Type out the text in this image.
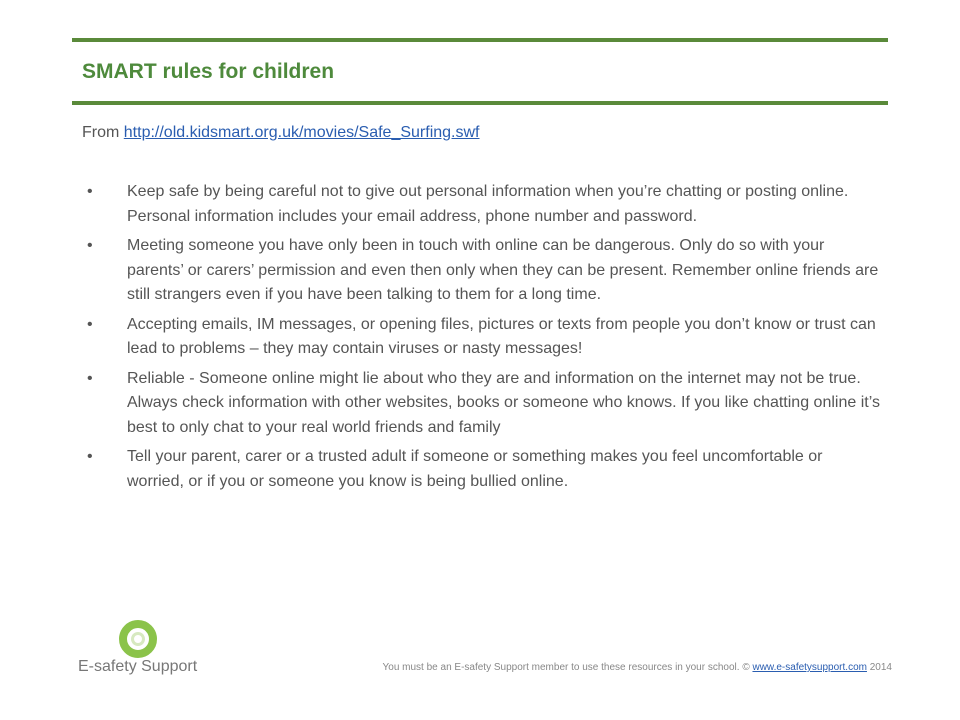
SMART rules for children
From http://old.kidsmart.org.uk/movies/Safe_Surfing.swf
• Keep safe by being careful not to give out personal information when you’re chatting or posting online. Personal information includes your email address, phone number and password.
• Meeting someone you have only been in touch with online can be dangerous. Only do so with your parents’ or carers’ permission and even then only when they can be present. Remember online friends are still strangers even if you have been talking to them for a long time.
• Accepting emails, IM messages, or opening files, pictures or texts from people you don’t know or trust can lead to problems – they may contain viruses or nasty messages!
• Reliable - Someone online might lie about who they are and information on the internet may not be true. Always check information with other websites, books or someone who knows. If you like chatting online it’s best to only chat to your real world friends and family
• Tell your parent, carer or a trusted adult if someone or something makes you feel uncomfortable or worried, or if you or someone you know is being bullied online.
E-safety Support	You must be an E-safety Support member to use these resources in your school. © www.e-safetysupport.com 2014
